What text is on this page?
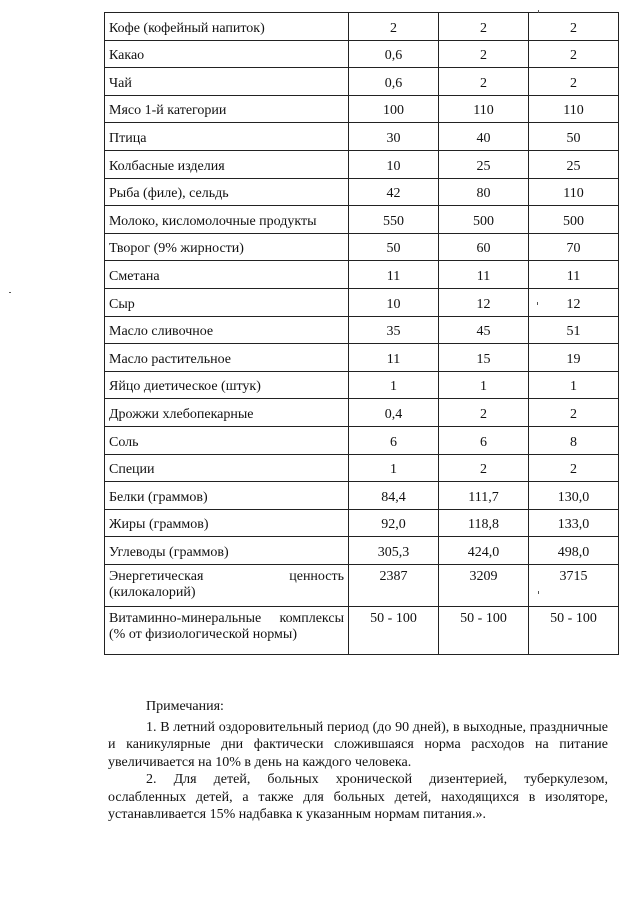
Кофе (кофейный напиток)	2	2	2
Какао	0,6	2	2
Чай	0,6	2	2
Мясо 1-й категории	100	110	110
Птица	30	40	50
Колбасные изделия	10	25	25
Рыба (филе), сельдь	42	80	110
Молоко, кисломолочные продукты	550	500	500
Творог (9% жирности)	50	60	70
Сметана	11	11	11
Сыр	10	12	12
Масло сливочное	35	45	51
Масло растительное	11	15	19
Яйцо диетическое (штук)	1	1	1
Дрожжи хлебопекарные	0,4	2	2
Соль	6	6	8
Специи	1	2	2
Белки (граммов)	84,4	111,7	130,0
Жиры (граммов)	92,0	118,8	133,0
Углеводы (граммов)	305,3	424,0	498,0

Энергетическая ценность
(килокалорий)	2387	3209	3715

Витаминно-минеральные комплексы
(% от физиологической нормы)	50 - 100	50 - 100	50 - 100

Примечания:

1. В летний оздоровительный период (до 90 дней), в выходные, праздничные и каникулярные дни фактически сложившаяся норма расходов на питание увеличивается на 10% в день на каждого человека.

2. Для детей, больных хронической дизентерией, туберкулезом, ослабленных детей, а также для больных детей, находящихся в изоляторе, устанавливается 15% надбавка к указанным нормам питания.».
